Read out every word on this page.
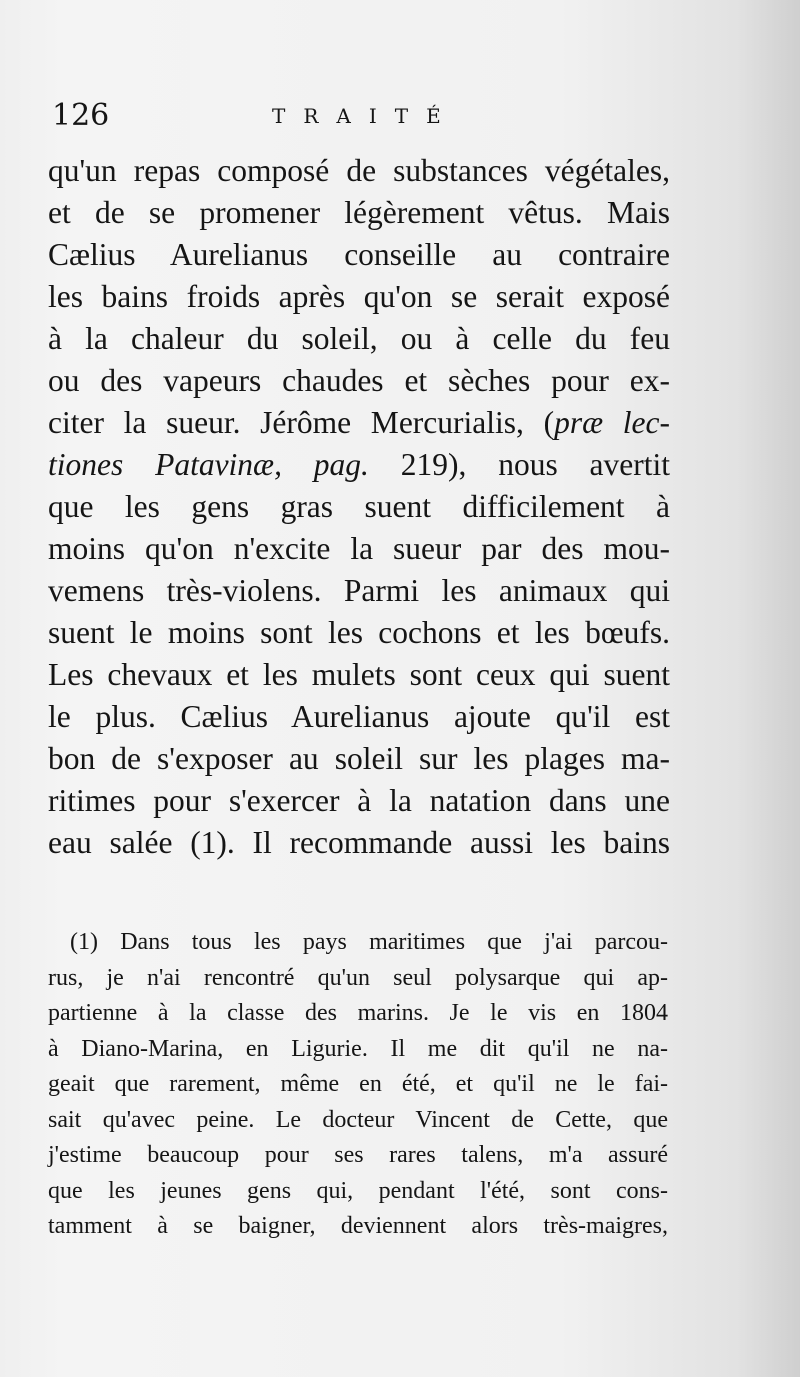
126	TRAITÉ
qu'un repas composé de substances végétales,
et de se promener légèrement vêtus. Mais
Cælius Aurelianus conseille au contraire
les bains froids après qu'on se serait exposé
à la chaleur du soleil, ou à celle du feu
ou des vapeurs chaudes et sèches pour ex-
citer la sueur. Jérôme Mercurialis, (præ lec-
tiones Patavinæ, pag. 219), nous avertit
que les gens gras suent difficilement à
moins qu'on n'excite la sueur par des mou-
vemens très-violens. Parmi les animaux qui
suent le moins sont les cochons et les bœufs.
Les chevaux et les mulets sont ceux qui suent
le plus. Cælius Aurelianus ajoute qu'il est
bon de s'exposer au soleil sur les plages ma-
ritimes pour s'exercer à la natation dans une
eau salée (1). Il recommande aussi les bains
(1) Dans tous les pays maritimes que j'ai parcou-
rus, je n'ai rencontré qu'un seul polysarque qui ap-
partienne à la classe des marins. Je le vis en 1804
à Diano-Marina, en Ligurie. Il me dit qu'il ne na-
geait que rarement, même en été, et qu'il ne le fai-
sait qu'avec peine. Le docteur Vincent de Cette, que
j'estime beaucoup pour ses rares talens, m'a assuré
que les jeunes gens qui, pendant l'été, sont cons-
tamment à se baigner, deviennent alors très-maigres,
